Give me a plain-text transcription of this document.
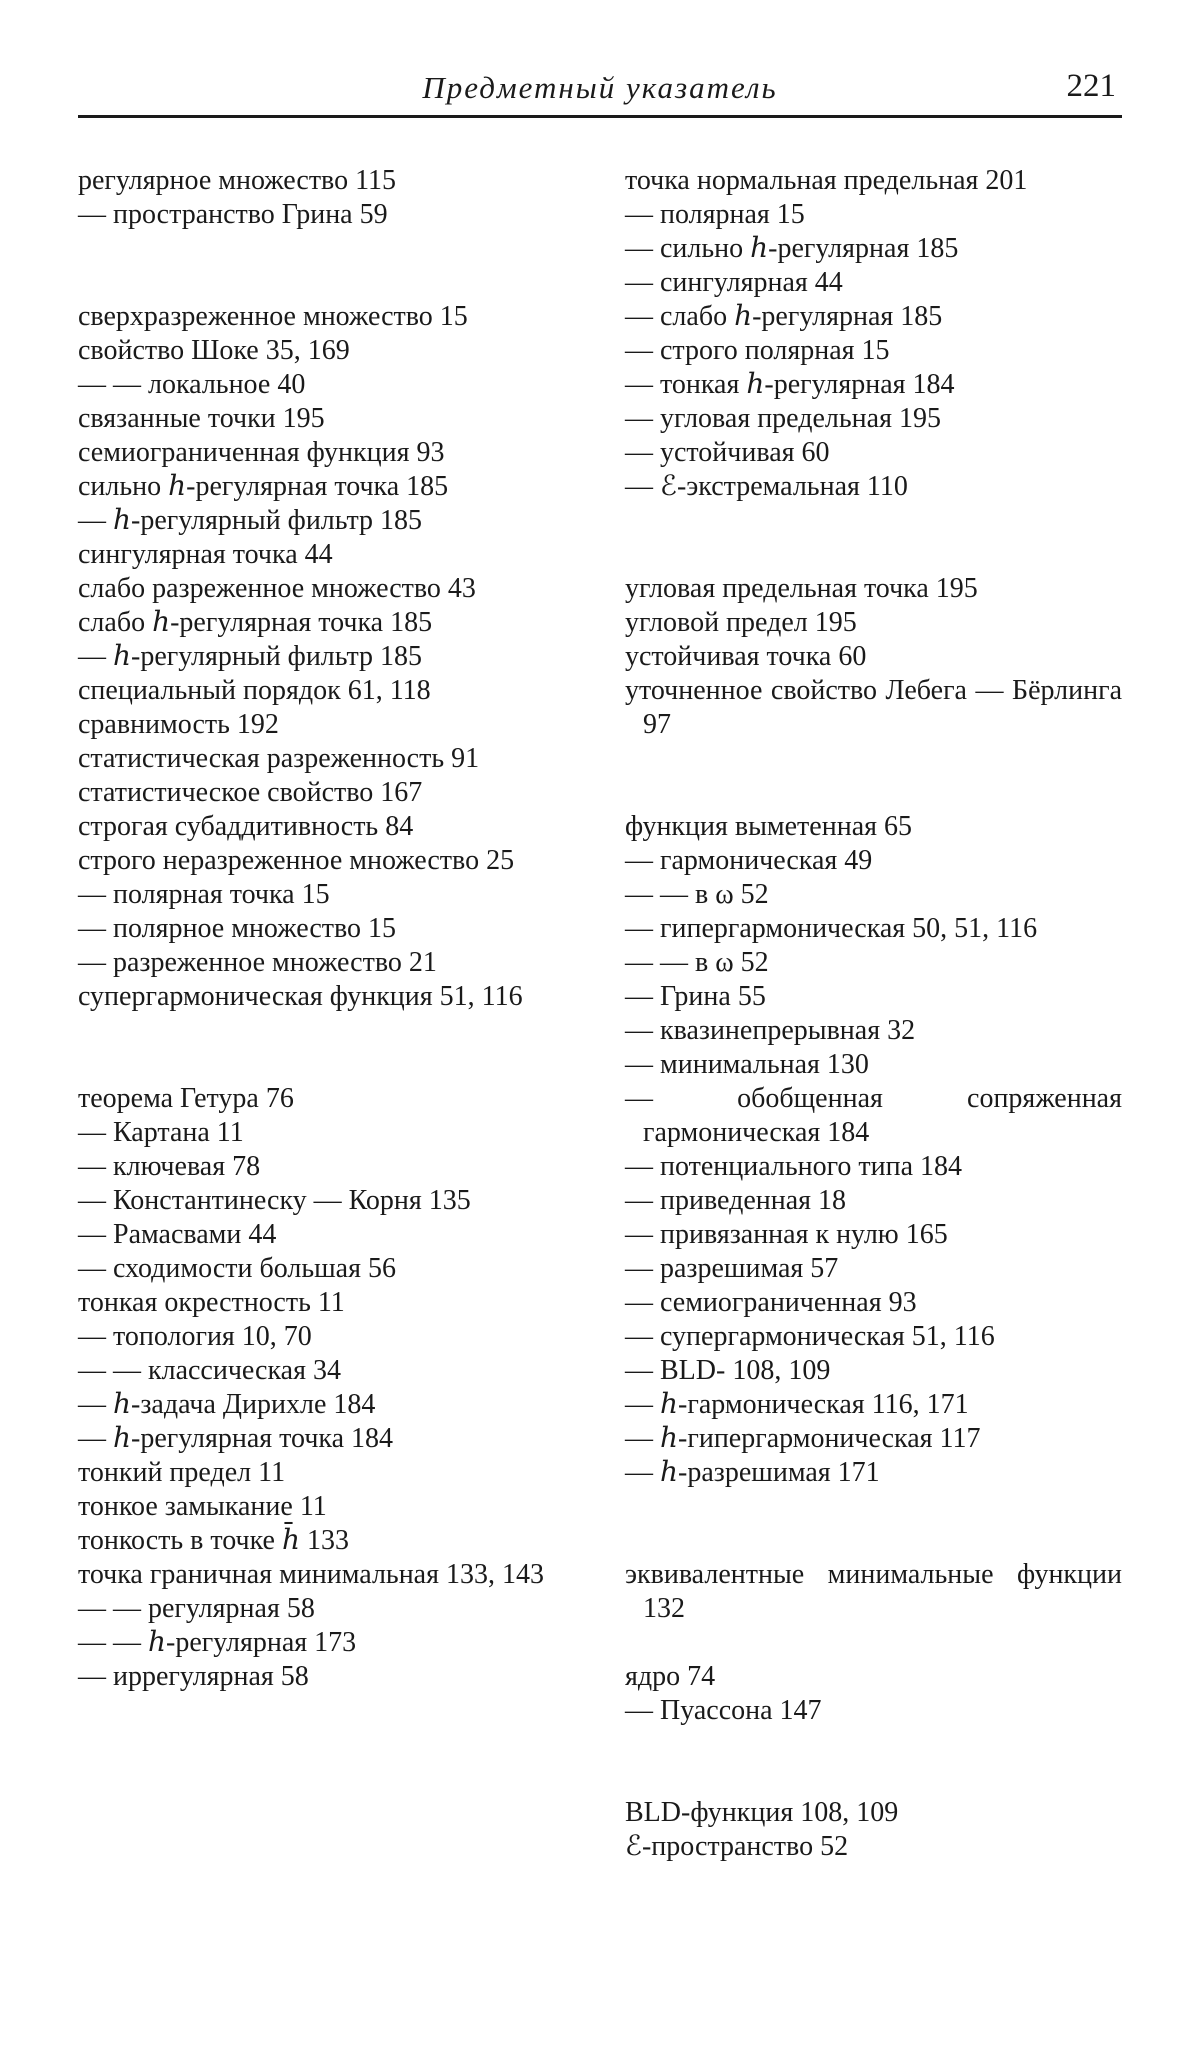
Предметный указатель	221
регулярное множество 115
— пространство Грина 59
сверхразреженное множество 15
свойство Шоке 35, 169
— — локальное 40
связанные точки 195
семиограниченная функция 93
сильно ℎ-регулярная точка 185
— ℎ-регулярный фильтр 185
сингулярная точка 44
слабо разреженное множество 43
слабо ℎ-регулярная точка 185
— ℎ-регулярный фильтр 185
специальный порядок 61, 118
сравнимость 192
статистическая разреженность 91
статистическое свойство 167
строгая субаддитивность 84
строго неразреженное множество 25
— полярная точка 15
— полярное множество 15
— разреженное множество 21
супергармоническая функция 51, 116
теорема Гетура 76
— Картана 11
— ключевая 78
— Константинеску — Корня 135
— Рамасвами 44
— сходимости большая 56
тонкая окрестность 11
— топология 10, 70
— — классическая 34
— ℎ-задача Дирихле 184
— ℎ-регулярная точка 184
тонкий предел 11
тонкое замыкание 11
тонкость в точке ℎ̄ 133
точка граничная минимальная 133, 143
— — регулярная 58
— — ℎ-регулярная 173
— иррегулярная 58
точка нормальная предельная 201
— полярная 15
— сильно ℎ-регулярная 185
— сингулярная 44
— слабо ℎ-регулярная 185
— строго полярная 15
— тонкая ℎ-регулярная 184
— угловая предельная 195
— устойчивая 60
— ℰ-экстремальная 110
угловая предельная точка 195
угловой предел 195
устойчивая точка 60
уточненное свойство Лебега — Бёрлинга 97
функция выметенная 65
— гармоническая 49
— — в ω 52
— гипергармоническая 50, 51, 116
— — в ω 52
— Грина 55
— квазинепрерывная 32
— минимальная 130
— обобщенная сопряженная гармоническая 184
— потенциального типа 184
— приведенная 18
— привязанная к нулю 165
— разрешимая 57
— семиограниченная 93
— супергармоническая 51, 116
— BLD- 108, 109
— ℎ-гармоническая 116, 171
— ℎ-гипергармоническая 117
— ℎ-разрешимая 171
эквивалентные минимальные функции 132
ядро 74
— Пуассона 147
BLD-функция 108, 109
ℰ-пространство 52
